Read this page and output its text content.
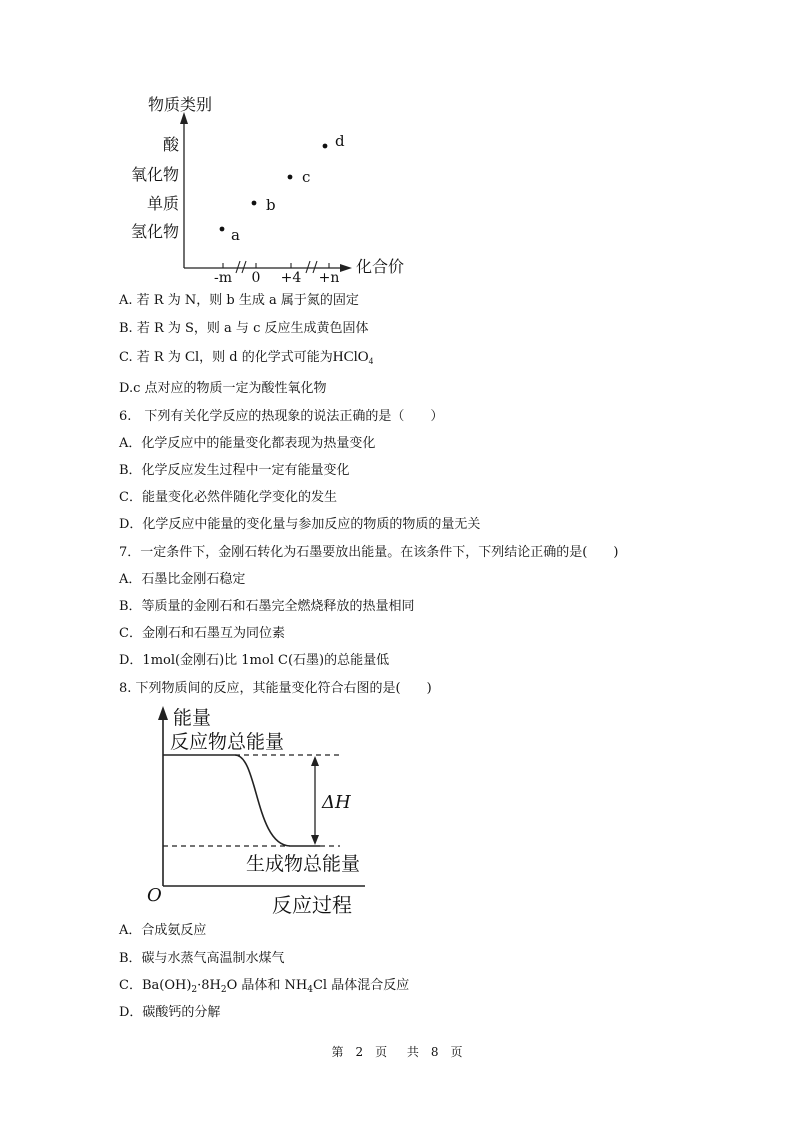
物质类别
化合价
酸
氧化物
单质
氢化物
-m 0 +4 +n
a
b
c
d
A. 若 R 为 N，则 b 生成 a 属于氮的固定
B. 若 R 为 S，则 a 与 c 反应生成黄色固体
C. 若 R 为 Cl，则 d 的化学式可能为HClO$_4$
D.c 点对应的物质一定为酸性氧化物
6.　下列有关化学反应的热现象的说法正确的是（　　）
A．化学反应中的能量变化都表现为热量变化
B．化学反应发生过程中一定有能量变化
C．能量变化必然伴随化学变化的发生
D．化学反应中能量的变化量与参加反应的物质的物质的量无关
7．一定条件下，金刚石转化为石墨要放出能量。在该条件下，下列结论正确的是(　　)
A．石墨比金刚石稳定
B．等质量的金刚石和石墨完全燃烧释放的热量相同
C．金刚石和石墨互为同位素
D．1mol(金刚石)比 1mol C(石墨)的总能量低
8. 下列物质间的反应，其能量变化符合右图的是(　　)
能量
反应物总能量
ΔH
生成物总能量
O	反应过程
A．合成氨反应
B．碳与水蒸气高温制水煤气
C．$Ba(OH)_2\cdot 8H_2O$ 晶体和 $NH_4Cl$ 晶体混合反应
D．碳酸钙的分解
第 2 页 共 8 页
